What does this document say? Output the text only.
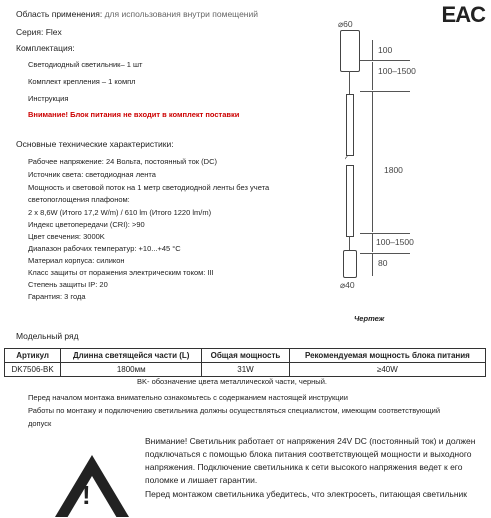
EAC
Область применения: для использования внутри помещений
Серия: Flex
Комплектация:
Светодиодный светильник– 1 шт
Комплект крепления – 1 компл
Инструкция
Внимание! Блок питания не входит в комплект поставки
Основные технические характеристики:
Рабочее напряжение: 24 Вольта, постоянный ток (DC)
Источник света: светодиодная лента
Мощность и световой поток на 1 метр светодиодной ленты без учета
светопоглощения плафоном:
2 х 8,6W (Итого 17,2 W/m) / 610 lm (Итого 1220 lm/m)
Индекс цветопередачи (CRI): >90
Цвет свечения: 3000K
Диапазон рабочих температур: +10...+45 °C
Материал корпуса: силикон
Класс защиты от поражения электрическим током: III
Степень защиты IP: 20
Гарантия: 3 года
~
⌀60
100
100–1500
1800
100–1500
80
⌀40
Чертеж
Модельный ряд
Артикул	Длинна светящейся части (L)	Общая мощность	Рекомендуемая мощность блока питания
DK7506-BK	1800мм	31W	≥40W
BK- обозначение цвета металлической части, черный.
Перед началом монтажа внимательно ознакомьтесь с содержанием настоящей инструкции
Работы по монтажу и подключению светильника должны осуществляться специалистом, имеющим соответствующий
допуск
!
Внимание! Светильник работает от напряжения 24V DC (постоянный ток) и должен
подключаться с помощью блока питания соответствующей мощности и выходного
напряжения. Подключение светильника к сети высокого напряжения ведет к его
поломке и лишает гарантии.
Перед монтажом светильника убедитесь, что электросеть, питающая светильник
